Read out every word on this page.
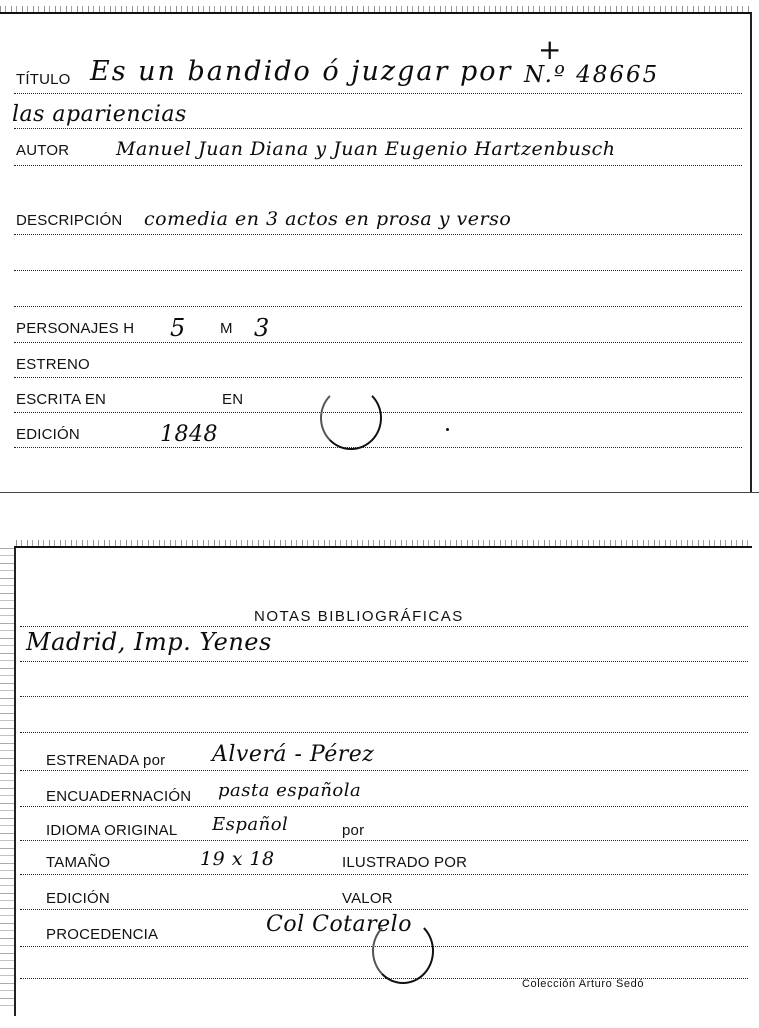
+
TÍTULO Es un bandido ó juzgar por N.º 48665
las apariencias
AUTOR Manuel Juan Diana y Juan Eugenio Hartzenbusch
DESCRIPCIÓN comedia en 3 actos en prosa y verso
PERSONAJES H 5 M 3
ESTRENO
ESCRITA EN	EN
EDICIÓN	1848
NOTAS BIBLIOGRÁFICAS
Madrid, Imp. Yenes
ESTRENADA por Alverá - Pérez
ENCUADERNACIÓN pasta española
IDIOMA ORIGINAL Español	por
TAMAÑO	19 x 18	ILUSTRADO POR
EDICIÓN	VALOR
PROCEDENCIA	Col Cotarelo
Colección Arturo Sedó
